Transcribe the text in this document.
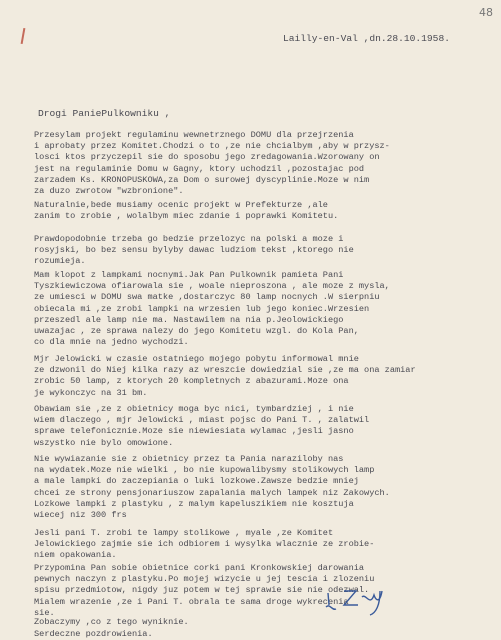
48
Lailly-en-Val ,dn.28.10.1958.
Drogi PaniePulkowniku ,
Przesylam projekt regulaminu wewnetrznego DOMU dla przejrzenia
i aprobaty przez Komitet.Chodzi o to ,ze nie chcialbym ,aby w przysz-
losci ktos przyczepil sie do sposobu jego zredagowania.Wzorowany on
jest na regulaminie Domu w Gagny, ktory uchodzil ,pozostajac pod
zarzadem Ks. KRONOPUSKOWA,za Dom o surowej dyscyplinie.Moze w nim
za duzo zwrotow "wzbronione".
Naturalnie,bede musiamy ocenic projekt w Prefekturze ,ale
zanim to zrobie , wolalbym miec zdanie i poprawki Komitetu.
Prawdopodobnie trzeba go bedzie przelozyc na polski a moze i
rosyjski, bo bez sensu bylyby dawac ludziom tekst ,ktorego nie
rozumieja.
Mam klopot z lampkami nocnymi.Jak Pan Pulkownik pamieta Pani
Tyszkiewiczowa ofiarowala sie , woale nieproszona , ale moze z mysla,
ze umiesci w DOMU swa matke ,dostarczyc 80 lamp nocnych .W sierpniu
obiecala mi ,ze zrobi lampki na wrzesien lub jego koniec.Wrzesien
przeszedl ale lamp nie ma. Nastawilem na nia p.Jeolowickiego
uwazajac , ze sprawa nalezy do jego Komitetu wzgl. do Kola Pan,
co dla mnie na jedno wychodzi.
Mjr Jelowicki w czasie ostatniego mojego pobytu informowal mnie
ze dzwonil do Niej kilka razy az wreszcie dowiedzial sie ,ze ma ona zamiar
zrobic 50 lamp, z ktorych 20 kompletnych z abazurami.Moze ona
je wykonczyc na 31 bm.
Obawiam sie ,ze z obietnicy moga byc nici, tymbardziej , i nie
wiem dlaczego , mjr Jelowicki , miast pojsc do Pani T. , zalatwil
sprawe telefonicznie.Moze sie niewiesiata wylamac ,jesli jasno
wszystko nie bylo omowione.
Nie wywiazanie sie z obietnicy przez ta Pania naraziloby nas
na wydatek.Moze nie wielki , bo nie kupowalibysmy stolikowych lamp
a male lampki do zaczepiania o luki lozkowe.Zawsze bedzie mniej
chcei ze strony pensjonariuszow zapalania malych lampek niz Zakowych.
Lozkowe lampki z plastyku , z malym kapeluszikiem nie kosztuja
wiecej niz 300 frs
Jesli pani T. zrobi te lampy stolikowe , myale ,ze Komitet
Jelowickiego zajmie sie ich odbiorem i wysylka wlacznie ze zrobie-
niem opakowania.
Przypomina Pan sobie obietnice corki pani Kronkowskiej darowania
pewnych naczyn z plastyku.Po mojej wizycie u jej tescia i zlozeniu
spisu przedmiotow, nigdy juz potem w tej sprawie sie nie odezwal.
Mialem wrazenie ,ze i Pani T. obrala te sama droge wykrecenia
sie.
Zobaczymy ,co z tego wyniknie.
Serdeczne pozdrowienia.
